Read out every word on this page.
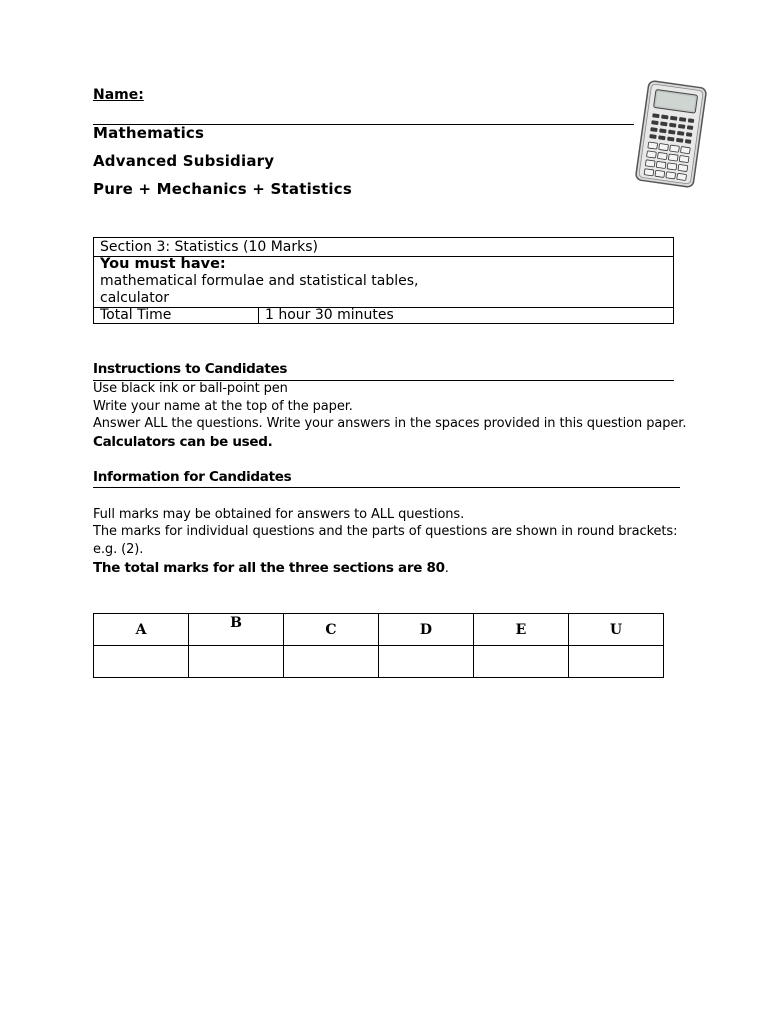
Name:
Mathematics
Advanced Subsidiary
Pure + Mechanics + Statistics
Section 3: Statistics (10 Marks)
You must have:
mathematical formulae and statistical tables,
calculator
Total Time	1 hour 30 minutes
Instructions to Candidates
Use black ink or ball-point pen
Write your name at the top of the paper.
Answer ALL the questions. Write your answers in the spaces provided in this question paper.
Calculators can be used.
Information for Candidates
Full marks may be obtained for answers to ALL questions.
The marks for individual questions and the parts of questions are shown in round brackets:
e.g. (2).
The total marks for all the three sections are 80.
A	B	C	D	E	U
